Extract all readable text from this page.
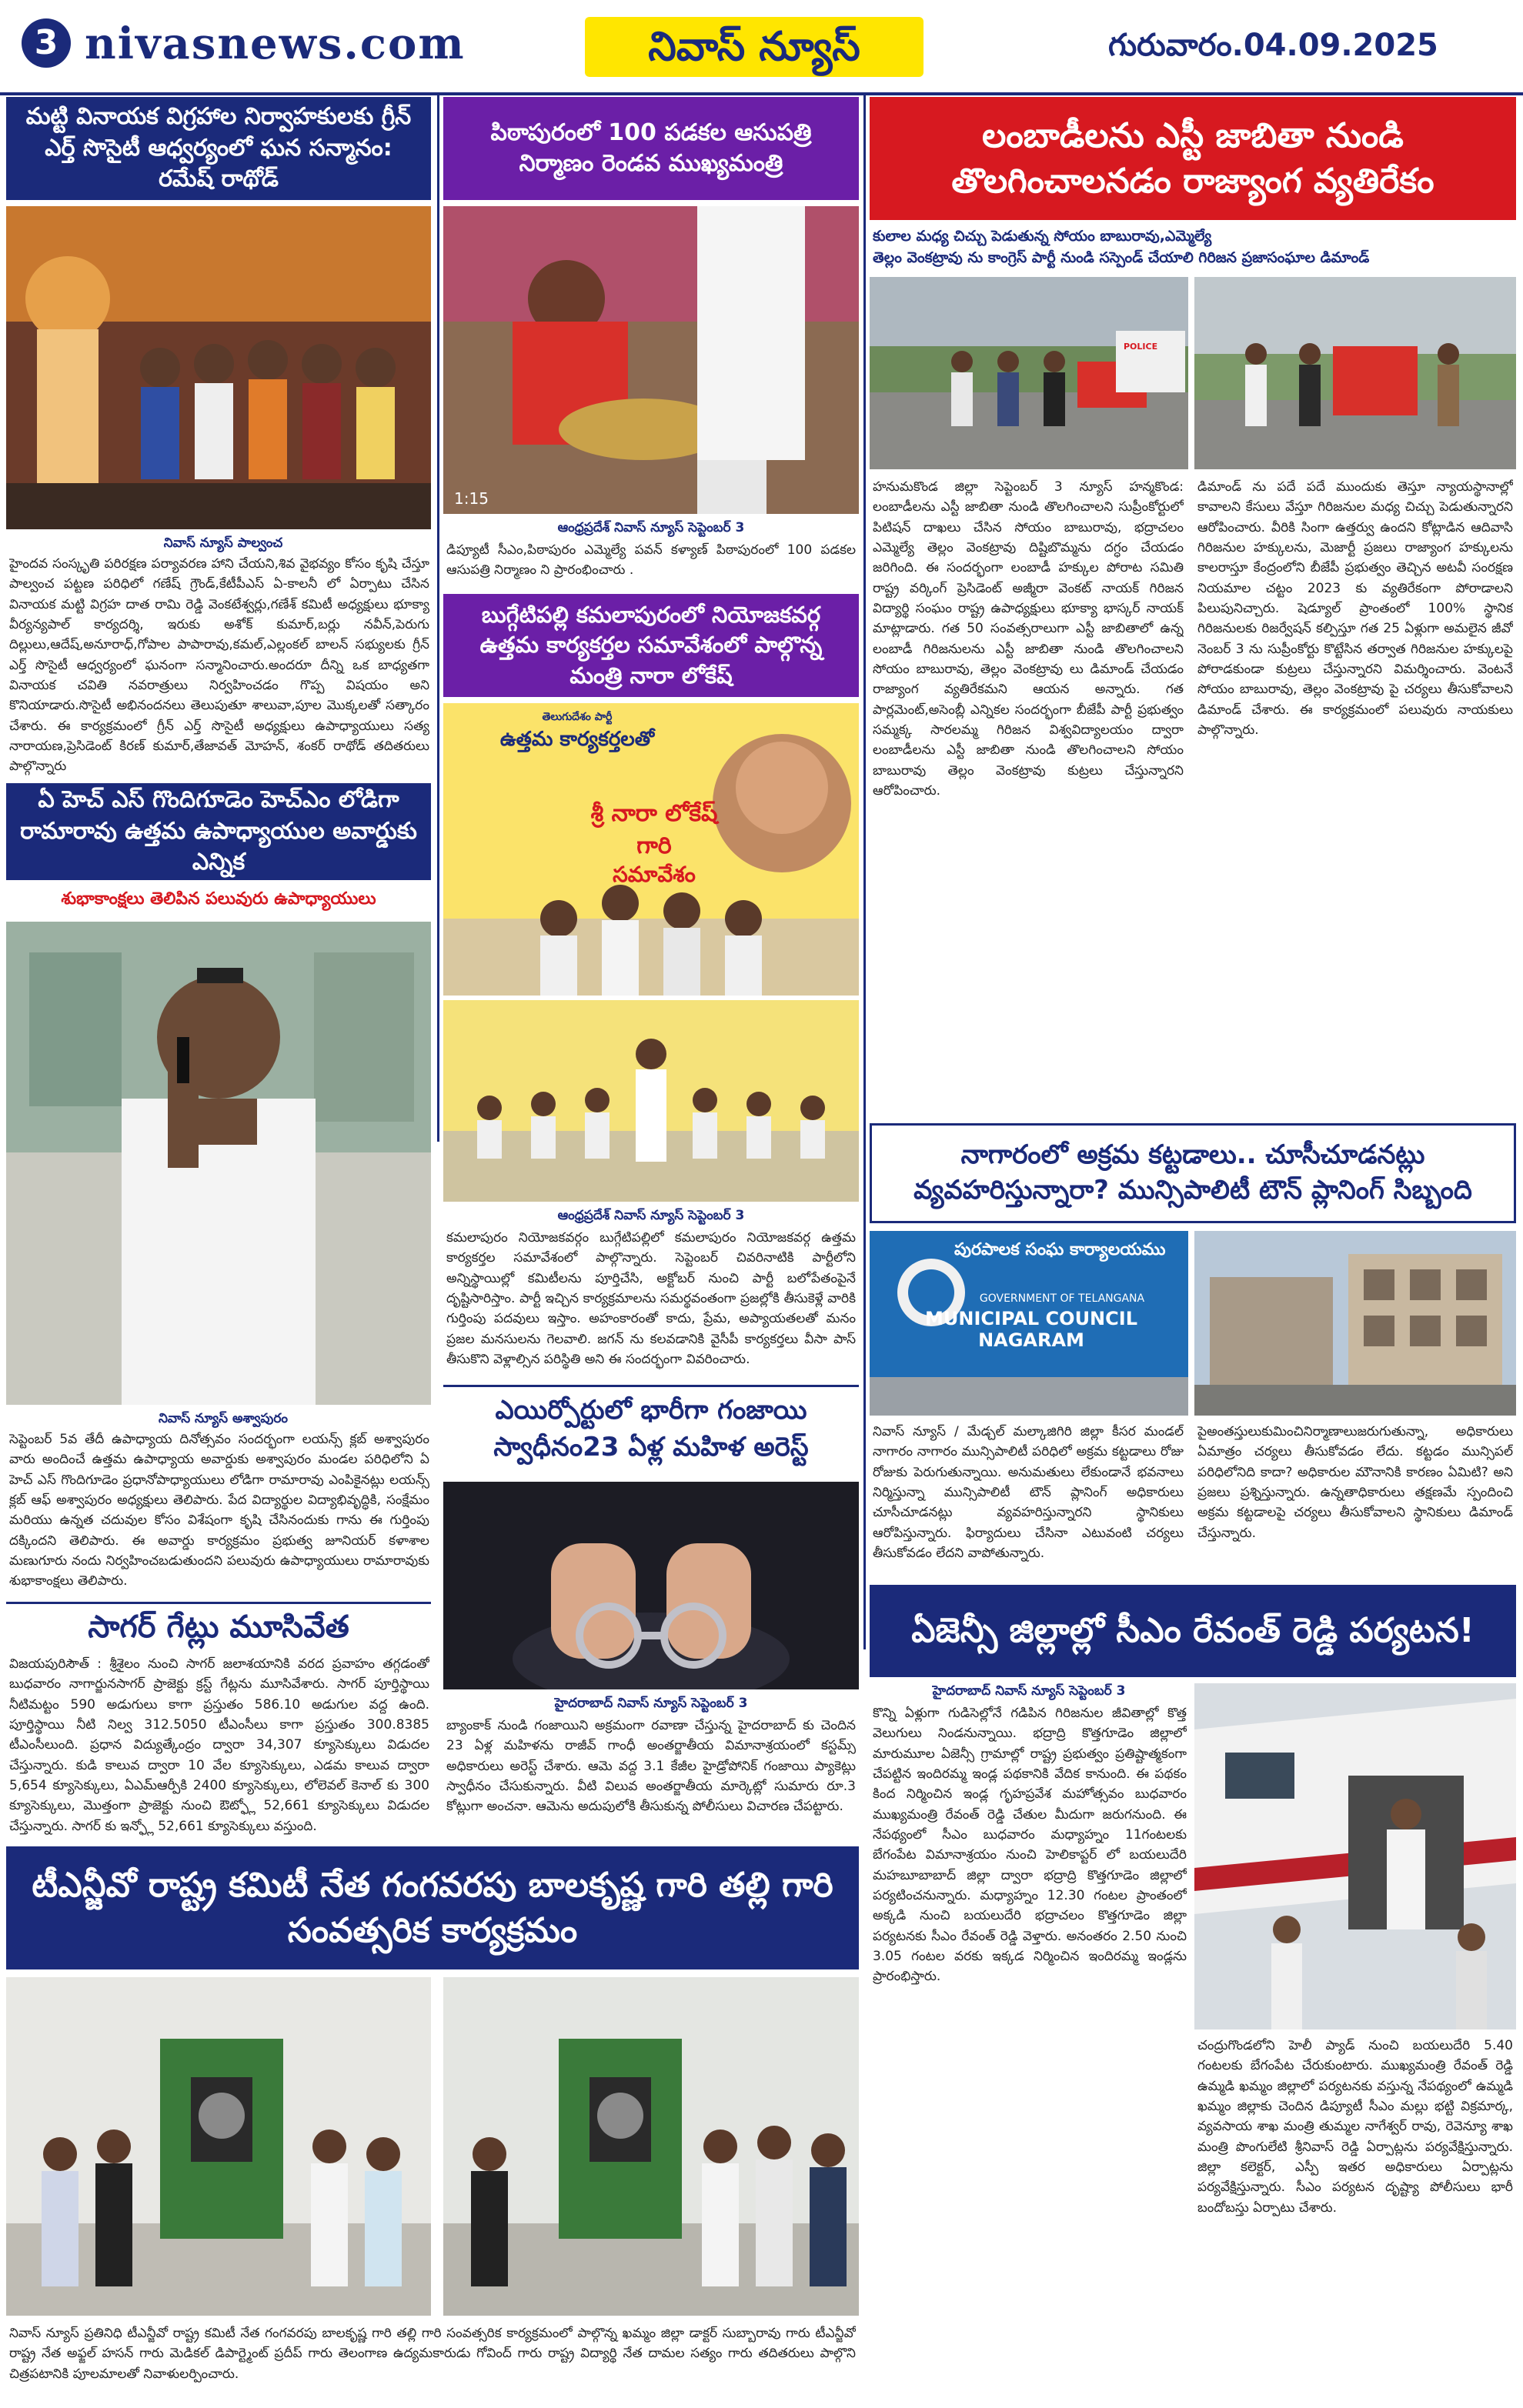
3 nivasnews.com	నివాస్ న్యూస్	గురువారం.04.09.2025
మట్టి వినాయక విగ్రహాల నిర్వాహకులకు గ్రీన్ ఎర్త్ సొసైటీ ఆధ్వర్యంలో ఘన సన్మానం: రమేష్ రాథోడ్
నివాస్ న్యూస్ పాల్వంచ
హైందవ సంస్కృతి పరిరక్షణ పర్యావరణ హాని చేయని,శివ వైభవ్యం కోసం కృషి చేస్తూ పాల్వంచ పట్టణ పరిధిలో గణేష్ గ్రౌండ్,కేటీపీఎస్ ఏ-కాలనీ లో ఏర్పాటు చేసిన వినాయక మట్టి విగ్రహ దాత రామి రెడ్డి వెంకటేశ్వర్లు,గణేశ్ కమిటీ అధ్యక్షులు భూక్యా వీర్యన్యపాల్ కార్యదర్శి, ఇరుకు అశోక్ కుమార్,బర్లు నవీన్,పెరుగు దిల్లులు,ఆదేష్,అనూరాధ్,గోపాల పాపారావు,కమల్,ఎల్లంకల్ బాలన్ సభ్యులకు గ్రీన్ ఎర్త్ సొసైటీ ఆధ్వర్యంలో ఘనంగా సన్మానించారు.అందరూ దీన్ని ఒక బాధ్యతగా వినాయక చవితి నవరాత్రులు నిర్వహించడం గొప్ప విషయం అని కొనియాడారు.సొసైటీ అభినందనలు తెలుపుతూ శాలువా,పూల మొక్కలతో సత్కారం చేశారు. ఈ కార్యక్రమంలో గ్రీన్ ఎర్త్ సొసైటీ అధ్యక్షులు ఉపాధ్యాయులు సత్య నారాయణ,ప్రెసిడెంట్ కిరణ్ కుమార్,తేజావత్ మోహన్, శంకర్ రాథోడ్ తదితరులు పాల్గొన్నారు
ఏ హెచ్ ఎస్ గొందిగూడెం హెచ్ఎం లోడిగా రామారావు ఉత్తమ ఉపాధ్యాయుల అవార్డుకు ఎన్నిక
శుభాకాంక్షలు తెలిపిన పలువురు ఉపాధ్యాయులు
నివాస్ న్యూస్ అశ్వాపురం
సెప్టెంబర్ 5వ తేదీ ఉపాధ్యాయ దినోత్సవం సందర్భంగా లయన్స్ క్లబ్ అశ్వాపురం వారు అందించే ఉత్తమ ఉపాధ్యాయ అవార్డుకు అశ్వాపురం మండల పరిధిలోని ఏ హెచ్ ఎస్ గొందిగూడెం ప్రధానోపాధ్యాయులు లోడిగా రామారావు ఎంపికైనట్లు లయన్స్ క్లబ్ ఆఫ్ అశ్వాపురం అధ్యక్షులు తెలిపారు. పేద విద్యార్థుల విద్యాభివృద్ధికి, సంక్షేమం మరియు ఉన్నత చదువుల కోసం విశేషంగా కృషి చేసినందుకు గాను ఈ గుర్తింపు దక్కిందని తెలిపారు. ఈ అవార్డు కార్యక్రమం ప్రభుత్వ జూనియర్ కళాశాల మణుగూరు నందు నిర్వహించబడుతుందని పలువురు ఉపాధ్యాయులు రామారావుకు శుభాకాంక్షలు తెలిపారు.
సాగర్ గేట్లు మూసివేత
విజయపురిసౌత్ : శ్రీశైలం నుంచి సాగర్ జలాశయానికి వరద ప్రవాహం తగ్గడంతో బుధవారం నాగార్జునసాగర్ ప్రాజెక్టు క్రస్ట్ గేట్లను మూసివేశారు. సాగర్ పూర్తిస్థాయి నీటిమట్టం 590 అడుగులు కాగా ప్రస్తుతం 586.10 అడుగుల వద్ద ఉంది. పూర్తిస్థాయి నీటి నిల్వ 312.5050 టీఎంసీలు కాగా ప్రస్తుతం 300.8385 టీఎంసీలుంది. ప్రధాన విద్యుత్కేంద్రం ద్వారా 34,307 క్యూసెక్కులు విడుదల చేస్తున్నారు. కుడి కాలువ ద్వారా 10 వేల క్యూసెక్కులు, ఎడమ కాలువ ద్వారా 5,654 క్యూసెక్కులు, ఏఎమ్ఆర్పీకి 2400 క్యూసెక్కులు, లోలెవల్ కెనాల్ కు 300 క్యూసెక్కులు, మొత్తంగా ప్రాజెక్టు నుంచి ఔట్ఫ్లో 52,661 క్యూసెక్కులు విడుదల చేస్తున్నారు. సాగర్ కు ఇన్ఫ్లో 52,661 క్యూసెక్కులు వస్తుంది.
పిఠాపురంలో 100 పడకల ఆసుపత్రి నిర్మాణం రెండవ ముఖ్యమంత్రి
1:15
ఆంధ్రప్రదేశ్ నివాస్ న్యూస్ సెప్టెంబర్ 3
డిప్యూటీ సీఎం,పిఠాపురం ఎమ్మెల్యే పవన్ కళ్యాణ్ పిఠాపురంలో 100 పడకల ఆసుపత్రి నిర్మాణం ని ప్రారంభించారు .
బుగ్గేటిపల్లి కమలాపురంలో నియోజకవర్గ ఉత్తమ కార్యకర్తల సమావేశంలో పాల్గొన్న మంత్రి నారా లోకేష్
తెలుగుదేశం పార్టీ
ఉత్తమ కార్యకర్తలతో
శ్రీ నారా లోకేష్ గారి
సమావేశం
ఆంధ్రప్రదేశ్ నివాస్ న్యూస్ సెప్టెంబర్ 3
కమలాపురం నియోజకవర్గం బుగ్గేటిపల్లిలో కమలాపురం నియోజకవర్గ ఉత్తమ కార్యకర్తల సమావేశంలో పాల్గొన్నారు. సెప్టెంబర్ చివరినాటికి పార్టీలోని అన్నిస్థాయిల్లో కమిటీలను పూర్తిచేసి, అక్టోబర్ నుంచి పార్టీ బలోపేతంపైనే దృష్టిసారిస్తాం. పార్టీ ఇచ్చిన కార్యక్రమాలను సమర్థవంతంగా ప్రజల్లోకి తీసుకెళ్లే వారికి గుర్తింపు పదవులు ఇస్తాం. అహంకారంతో కాదు, ప్రేమ, అప్యాయతలతో మనం ప్రజల మనసులను గెలవాలి. జగన్ ను కలవడానికి వైసీపీ కార్యకర్తలు వీసా పాస్ తీసుకొని వెళ్లాల్సిన పరిస్థితి అని ఈ సందర్భంగా వివరించారు.
ఎయిర్పోర్టులో భారీగా గంజాయి స్వాధీనం23 ఏళ్ల మహిళ అరెస్ట్
హైదరాబాద్ నివాస్ న్యూస్ సెప్టెంబర్ 3
బ్యాంకాక్ నుండి గంజాయిని అక్రమంగా రవాణా చేస్తున్న హైదరాబాద్ కు చెందిన 23 ఏళ్ల మహిళను రాజీవ్ గాంధీ అంతర్జాతీయ విమానాశ్రయంలో కస్టమ్స్ అధికారులు అరెస్ట్ చేశారు. ఆమె వద్ద 3.1 కేజీల హైడ్రోపోనిక్ గంజాయి ప్యాకెట్లు స్వాధీనం చేసుకున్నారు. వీటి విలువ అంతర్జాతీయ మార్కెట్లో సుమారు రూ.3 కోట్లుగా అంచనా. ఆమెను అదుపులోకి తీసుకున్న పోలీసులు విచారణ చేపట్టారు.
లంబాడీలను ఎస్టీ జాబితా నుండి తొలగించాలనడం రాజ్యాంగ వ్యతిరేకం
కులాల మధ్య చిచ్చు పెడుతున్న సోయం బాబురావు,ఎమ్మెల్యే
తెల్లం వెంకట్రావు ను కాంగ్రెస్ పార్టీ నుండి సస్పెండ్ చేయాలి గిరిజన ప్రజాసంఘాల డిమాండ్
POLICE
హనుమకొండ జిల్లా సెప్టెంబర్ 3 న్యూస్ హన్మకొండ: లంబాడీలను ఎస్టీ జాబితా నుండి తొలగించాలని సుప్రీంకోర్టులో పిటిషన్ దాఖలు చేసిన సోయం బాబురావు, భద్రాచలం ఎమ్మెల్యే తెల్లం వెంకట్రావు దిష్టిబొమ్మను దగ్ధం చేయడం జరిగింది. ఈ సందర్భంగా లంబాడీ హక్కుల పోరాట సమితి రాష్ట్ర వర్కింగ్ ప్రెసిడెంట్ అజ్మీరా వెంకట్ నాయక్ గిరిజన విద్యార్థి సంఘం రాష్ట్ర ఉపాధ్యక్షులు భూక్యా భాస్కర్ నాయక్ మాట్లాడారు. గత 50 సంవత్సరాలుగా ఎస్టీ జాబితాలో ఉన్న లంబాడీ గిరిజనులను ఎస్టీ జాబితా నుండి తొలగించాలని సోయం బాబురావు, తెల్లం వెంకట్రావు లు డిమాండ్ చేయడం రాజ్యాంగ వ్యతిరేకమని ఆయన అన్నారు. గత పార్లమెంట్,అసెంబ్లీ ఎన్నికల సందర్భంగా బీజేపీ పార్టీ ప్రభుత్వం సమ్మక్క సారలమ్మ గిరిజన విశ్వవిద్యాలయం ద్వారా లంబాడీలను ఎస్టీ జాబితా నుండి తొలగించాలని సోయం బాబురావు తెల్లం వెంకట్రావు కుట్రలు చేస్తున్నారని ఆరోపించారు.
డిమాండ్ ను పదే పదే ముందుకు తెస్తూ న్యాయస్థానాల్లో కావాలని కేసులు వేస్తూ గిరిజనుల మధ్య చిచ్చు పెడుతున్నారని ఆరోపించారు. వీరికి సింగా ఉత్తర్వు ఉందని కోట్లాడిన ఆదివాసి గిరిజనుల హక్కులను, మెజార్టీ ప్రజలు రాజ్యాంగ హక్కులను కాలరాస్తూ కేంద్రంలోని బీజేపీ ప్రభుత్వం తెచ్చిన అటవీ సంరక్షణ నియమాల చట్టం 2023 కు వ్యతిరేకంగా పోరాడాలని పిలుపునిచ్చారు. షెడ్యూల్ ప్రాంతంలో 100% స్థానిక గిరిజనులకు రిజర్వేషన్ కల్పిస్తూ గత 25 ఏళ్లుగా అమలైన జీవో నెంబర్ 3 ను సుప్రీంకోర్టు కొట్టేసిన తర్వాత గిరిజనుల హక్కులపై పోరాడకుండా కుట్రలు చేస్తున్నారని విమర్శించారు. వెంటనే సోయం బాబురావు, తెల్లం వెంకట్రావు పై చర్యలు తీసుకోవాలని డిమాండ్ చేశారు. ఈ కార్యక్రమంలో పలువురు నాయకులు పాల్గొన్నారు.
నాగారంలో అక్రమ కట్టడాలు.. చూసీచూడనట్లు వ్యవహరిస్తున్నారా? మున్సిపాలిటీ టౌన్ ప్లానింగ్ సిబ్బంది
పురపాలక సంఘ కార్యాలయము
GOVERNMENT OF TELANGANA
MUNICIPAL COUNCIL NAGARAM
నివాస్ న్యూస్ / మేడ్చల్ మల్కాజిగిరి జిల్లా కీసర మండల్ నాగారం నాగారం మున్సిపాలిటీ పరిధిలో అక్రమ కట్టడాలు రోజు రోజుకు పెరుగుతున్నాయి. అనుమతులు లేకుండానే భవనాలు నిర్మిస్తున్నా మున్సిపాలిటీ టౌన్ ప్లానింగ్ అధికారులు చూసీచూడనట్లు వ్యవహరిస్తున్నారని స్థానికులు ఆరోపిస్తున్నారు. ఫిర్యాదులు చేసినా ఎటువంటి చర్యలు తీసుకోవడం లేదని వాపోతున్నారు.
పైఅంతస్తులుకుమించినిర్మాణాలుజరుగుతున్నా, అధికారులు ఏమాత్రం చర్యలు తీసుకోవడం లేదు. కట్టడం మున్సిపల్ పరిధిలోనిది కాదా? అధికారుల మౌనానికి కారణం ఏమిటి? అని ప్రజలు ప్రశ్నిస్తున్నారు. ఉన్నతాధికారులు తక్షణమే స్పందించి అక్రమ కట్టడాలపై చర్యలు తీసుకోవాలని స్థానికులు డిమాండ్ చేస్తున్నారు.
ఏజెన్సీ జిల్లాల్లో సీఎం రేవంత్ రెడ్డి పర్యటన!
హైదరాబాద్ నివాస్ న్యూస్ సెప్టెంబర్ 3
కొన్ని ఏళ్లుగా గుడిసెల్లోనే గడిపిన గిరిజనుల జీవితాల్లో కొత్త వెలుగులు నిండనున్నాయి. భద్రాద్రి కొత్తగూడెం జిల్లాలో మారుమూల ఏజెన్సీ గ్రామాల్లో రాష్ట్ర ప్రభుత్వం ప్రతిష్టాత్మకంగా చేపట్టిన ఇందిరమ్మ ఇండ్ల పథకానికి వేదిక కానుంది. ఈ పథకం కింద నిర్మించిన ఇండ్ల గృహప్రవేశ మహోత్సవం బుధవారం ముఖ్యమంత్రి రేవంత్ రెడ్డి చేతుల మీదుగా జరుగనుంది. ఈ నేపథ్యంలో సీఎం బుధవారం మధ్యాహ్నం 11గంటలకు బేగంపేట విమానాశ్రయం నుంచి హెలికాప్టర్ లో బయలుదేరి మహబూబాబాద్ జిల్లా ద్వారా భద్రాద్రి కొత్తగూడెం జిల్లాలో పర్యటించనున్నారు. మధ్యాహ్నం 12.30 గంటల ప్రాంతంలో అక్కడి నుంచి బయలుదేరి భద్రాచలం కొత్తగూడెం జిల్లా పర్యటనకు సీఎం రేవంత్ రెడ్డి వెళ్తారు. అనంతరం 2.50 నుంచి 3.05 గంటల వరకు ఇక్కడ నిర్మించిన ఇందిరమ్మ ఇండ్లను ప్రారంభిస్తారు.
చంద్రుగొండలోని హెలీ ప్యాడ్ నుంచి బయలుదేరి 5.40 గంటలకు బేగంపేట చేరుకుంటారు. ముఖ్యమంత్రి రేవంత్ రెడ్డి ఉమ్మడి ఖమ్మం జిల్లాలో పర్యటనకు వస్తున్న నేపథ్యంలో ఉమ్మడి ఖమ్మం జిల్లాకు చెందిన డిప్యూటీ సీఎం మల్లు భట్టి విక్రమార్క, వ్యవసాయ శాఖ మంత్రి తుమ్మల నాగేశ్వర్ రావు, రెవెన్యూ శాఖ మంత్రి పొంగులేటి శ్రీనివాస్ రెడ్డి ఏర్పాట్లను పర్యవేక్షిస్తున్నారు. జిల్లా కలెక్టర్, ఎస్పీ ఇతర అధికారులు ఏర్పాట్లను పర్యవేక్షిస్తున్నారు. సీఎం పర్యటన దృష్ట్యా పోలీసులు భారీ బందోబస్తు ఏర్పాటు చేశారు.
టీఎన్జీవో రాష్ట్ర కమిటీ నేత గంగవరపు బాలకృష్ణ గారి తల్లి గారి సంవత్సరిక కార్యక్రమం
నివాస్ న్యూస్ ప్రతినిధి టీఎన్జీవో రాష్ట్ర కమిటీ నేత గంగవరపు బాలకృష్ణ గారి తల్లి గారి సంవత్సరిక కార్యక్రమంలో పాల్గొన్న ఖమ్మం జిల్లా డాక్టర్ సుబ్బారావు గారు టీఎన్జీవో రాష్ట్ర నేత అఫ్జల్ హసన్ గారు మెడికల్ డిపార్ట్మెంట్ ప్రదీప్ గారు తెలంగాణ ఉద్యమకారుడు గోవింద్ గారు రాష్ట్ర విద్యార్థి నేత దామల సత్యం గారు తదితరులు పాల్గొని చిత్రపటానికి పూలమాలతో నివాళులర్పించారు.
